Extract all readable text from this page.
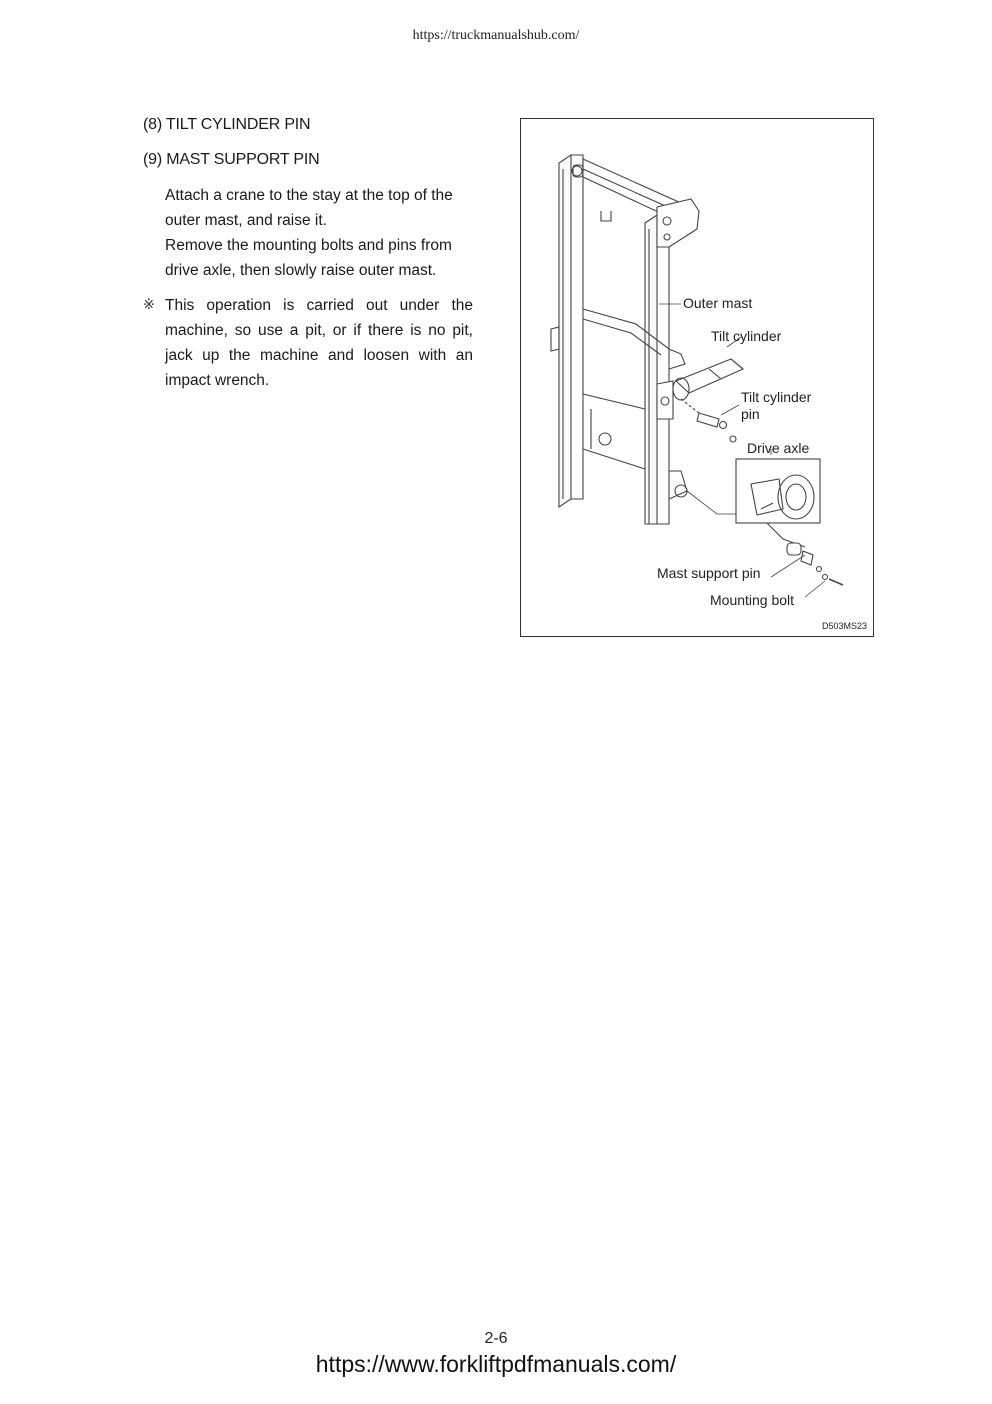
https://truckmanualshub.com/
(8) TILT CYLINDER PIN
(9) MAST SUPPORT PIN
Attach a crane to the stay at the top of the outer mast, and raise it.
Remove the mounting bolts and pins from drive axle, then slowly raise outer mast.
※ This operation is carried out under the machine, so use a pit, or if there is no pit, jack up the machine and loosen with an impact wrench.

Outer mast
Tilt cylinder
Tilt cylinder
pin
Drive axle
Mast support pin
Mounting bolt
D503MS23
2-6
https://www.forkliftpdfmanuals.com/
